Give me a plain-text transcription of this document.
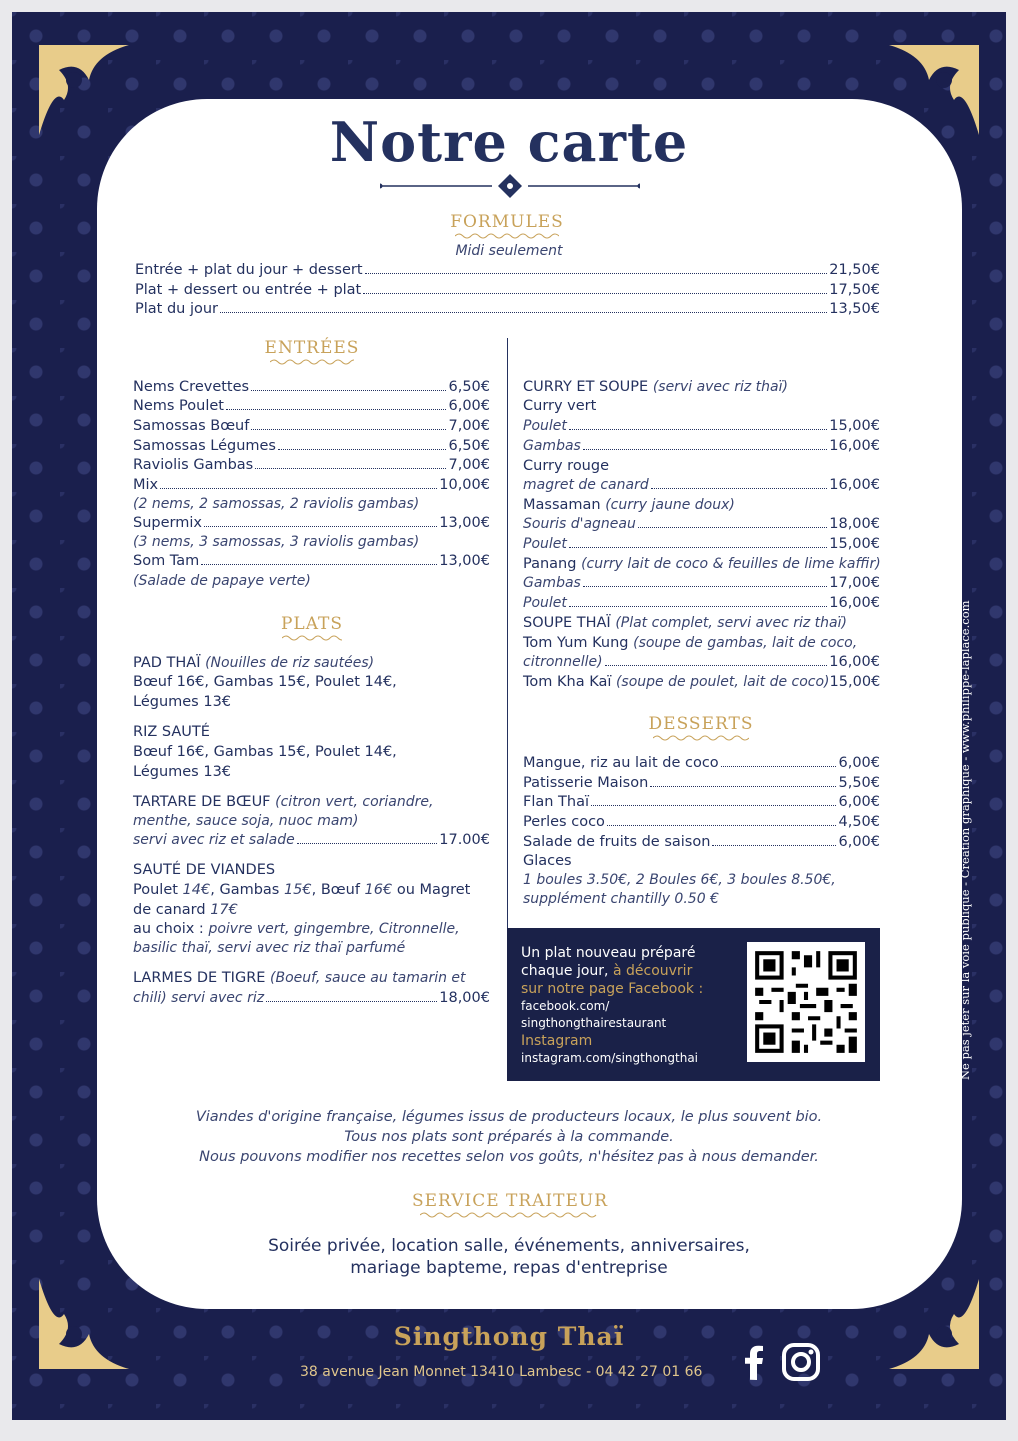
Notre carte
FORMULES
Midi seulement
Entrée + plat du jour + dessert	21,50€
Plat + dessert ou entrée + plat	17,50€
Plat du jour	13,50€
ENTRÉES
Nems Crevettes	6,50€
Nems Poulet	6,00€
Samossas Bœuf	7,00€
Samossas Légumes	6,50€
Raviolis Gambas	7,00€
Mix	10,00€
(2 nems, 2 samossas, 2 raviolis gambas)
Supermix	13,00€
(3 nems, 3 samossas, 3 raviolis gambas)
Som Tam	13,00€
(Salade de papaye verte)
PLATS
PAD THAÏ (Nouilles de riz sautées)
Bœuf 16€, Gambas 15€, Poulet 14€,
Légumes 13€
RIZ SAUTÉ
Bœuf 16€, Gambas 15€, Poulet 14€,
Légumes 13€
TARTARE DE BŒUF (citron vert, coriandre,
menthe, sauce soja, nuoc mam)
servi avec riz et salade	17.00€
SAUTÉ DE VIANDES
Poulet 14€, Gambas 15€, Bœuf 16€ ou Magret
de canard 17€
au choix : poivre vert, gingembre, Citronnelle,
basilic thaï, servi avec riz thaï parfumé
LARMES DE TIGRE (Boeuf, sauce au tamarin et
chili) servi avec riz	18,00€
CURRY ET SOUPE (servi avec riz thaï)
Curry vert
Poulet	15,00€
Gambas	16,00€
Curry rouge
magret de canard	16,00€
Massaman (curry jaune doux)
Souris d'agneau	18,00€
Poulet	15,00€
Panang (curry lait de coco & feuilles de lime kaffir)
Gambas	17,00€
Poulet	16,00€
SOUPE THAÏ (Plat complet, servi avec riz thaï)
Tom Yum Kung (soupe de gambas, lait de coco,
citronnelle)	16,00€
Tom Kha Kaï (soupe de poulet, lait de coco)15,00€
DESSERTS
Mangue, riz au lait de coco	6,00€
Patisserie Maison	5,50€
Flan Thaï	6,00€
Perles coco	4,50€
Salade de fruits de saison	6,00€
Glaces
1 boules 3.50€, 2 Boules 6€, 3 boules 8.50€,
supplément chantilly 0.50 €
Un plat nouveau préparé
chaque jour, à découvrir
sur notre page Facebook :
facebook.com/
singthongthairestaurant
Instagram
instagram.com/singthongthai
Viandes d'origine française, légumes issus de producteurs locaux, le plus souvent bio.
Tous nos plats sont préparés à la commande.
Nous pouvons modifier nos recettes selon vos goûts, n'hésitez pas à nous demander.
SERVICE TRAITEUR
Soirée privée, location salle, événements, anniversaires,
mariage bapteme, repas d'entreprise
Singthong Thaï
38 avenue Jean Monnet 13410 Lambesc - 04 42 27 01 66
Ne pas jeter sur la voie publique - Création graphique - www.philippe-laplace.com
